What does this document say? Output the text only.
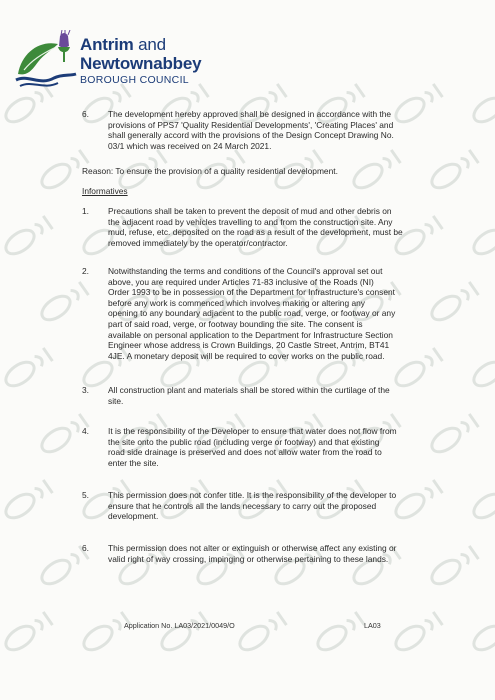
Antrim and
Newtownabbey
BOROUGH COUNCIL
6. The development hereby approved shall be designed in accordance with the
provisions of PPS7 'Quality Residential Developments', 'Creating Places' and
shall generally accord with the provisions of the Design Concept Drawing No.
03/1 which was received on 24 March 2021.
Reason: To ensure the provision of a quality residential development.
Informatives
1. Precautions shall be taken to prevent the deposit of mud and other debris on
the adjacent road by vehicles travelling to and from the construction site. Any
mud, refuse, etc. deposited on the road as a result of the development, must be
removed immediately by the operator/contractor.
2. Notwithstanding the terms and conditions of the Council's approval set out
above, you are required under Articles 71-83 inclusive of the Roads (NI)
Order 1993 to be in possession of the Department for Infrastructure's consent
before any work is commenced which involves making or altering any
opening to any boundary adjacent to the public road, verge, or footway or any
part of said road, verge, or footway bounding the site. The consent is
available on personal application to the Department for Infrastructure Section
Engineer whose address is Crown Buildings, 20 Castle Street, Antrim, BT41
4JE. A monetary deposit will be required to cover works on the public road.
3. All construction plant and materials shall be stored within the curtilage of the
site.
4. It is the responsibility of the Developer to ensure that water does not flow from
the site onto the public road (including verge or footway) and that existing
road side drainage is preserved and does not allow water from the road to
enter the site.
5. This permission does not confer title. It is the responsibility of the developer to
ensure that he controls all the lands necessary to carry out the proposed
development.
6. This permission does not alter or extinguish or otherwise affect any existing or
valid right of way crossing, impinging or otherwise pertaining to these lands.
Application No. LA03/2021/0049/O	LA03
